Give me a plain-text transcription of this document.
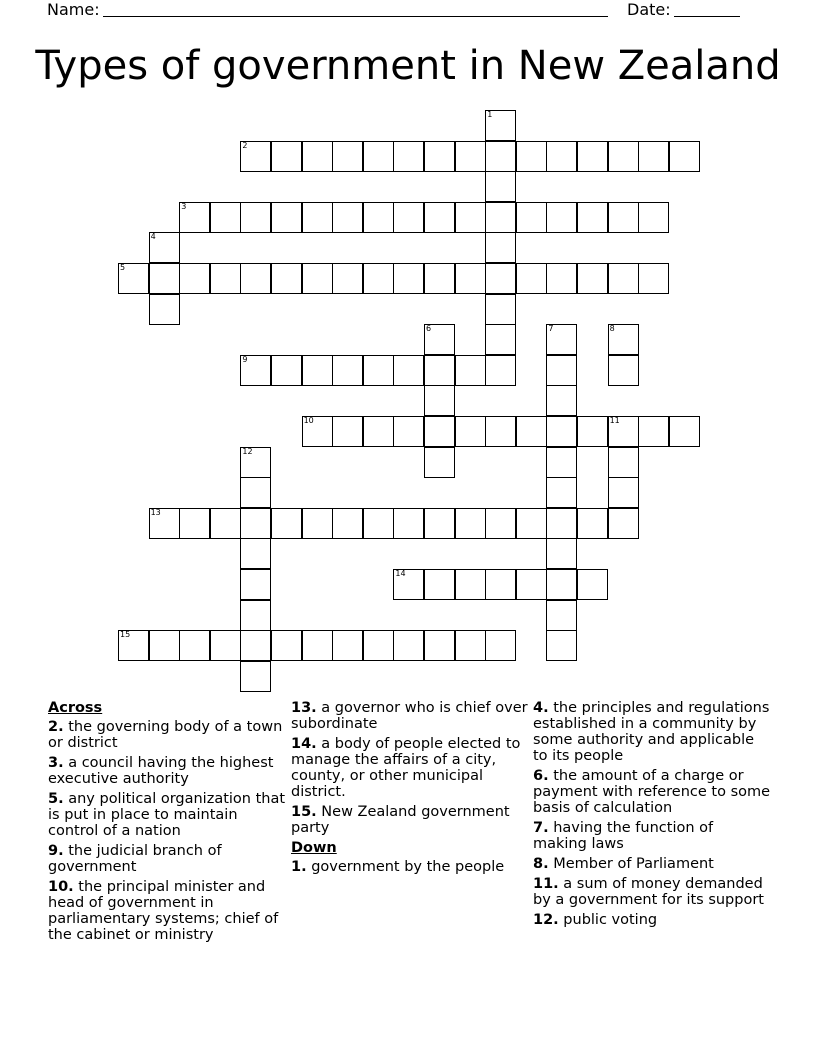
Name:	Date:
Types of government in New Zealand
1
2
3
4
5
6	7	8
9
10	11
12
13
14
15
Across
2. the governing body of a town or district
3. a council having the highest executive authority
5. any political organization that is put in place to maintain control of a nation
9. the judicial branch of government
10. the principal minister and head of government in parliamentary systems; chief of the cabinet or ministry
13. a governor who is chief over subordinate
14. a body of people elected to manage the affairs of a city, county, or other municipal district.
15. New Zealand government party
Down
1. government by the people
4. the principles and regulations established in a community by some authority and applicable to its people
6. the amount of a charge or payment with reference to some basis of calculation
7. having the function of making laws
8. Member of Parliament
11. a sum of money demanded by a government for its support
12. public voting
